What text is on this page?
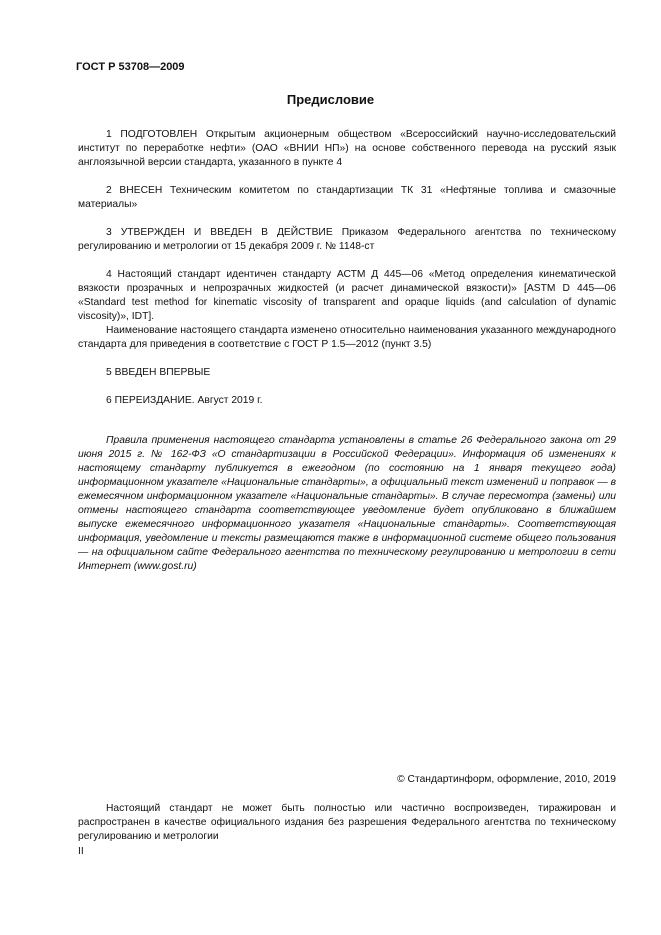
ГОСТ Р 53708—2009
Предисловие

1 ПОДГОТОВЛЕН Открытым акционерным обществом «Всероссийский научно-исследовательский институт по переработке нефти» (ОАО «ВНИИ НП») на основе собственного перевода на русский язык англоязычной версии стандарта, указанного в пункте 4

2 ВНЕСЕН Техническим комитетом по стандартизации ТК 31 «Нефтяные топлива и смазочные материалы»

3 УТВЕРЖДЕН И ВВЕДЕН В ДЕЙСТВИЕ Приказом Федерального агентства по техническому регулированию и метрологии от 15 декабря 2009 г. № 1148-ст

4 Настоящий стандарт идентичен стандарту АСТМ Д 445—06 «Метод определения кинематической вязкости прозрачных и непрозрачных жидкостей (и расчет динамической вязкости)» [ASTM D 445—06 «Standard test method for kinematic viscosity of transparent and opaque liquids (and calculation of dynamic viscosity)», IDT].

Наименование настоящего стандарта изменено относительно наименования указанного международного стандарта для приведения в соответствие с ГОСТ Р 1.5—2012 (пункт 3.5)

5 ВВЕДЕН ВПЕРВЫЕ

6 ПЕРЕИЗДАНИЕ. Август 2019 г.

Правила применения настоящего стандарта установлены в статье 26 Федерального закона от 29 июня 2015 г. № 162-ФЗ «О стандартизации в Российской Федерации». Информация об изменениях к настоящему стандарту публикуется в ежегодном (по состоянию на 1 января текущего года) информационном указателе «Национальные стандарты», а официальный текст изменений и поправок — в ежемесячном информационном указателе «Национальные стандарты». В случае пересмотра (замены) или отмены настоящего стандарта соответствующее уведомление будет опубликовано в ближайшем выпуске ежемесячного информационного указателя «Национальные стандарты». Соответствующая информация, уведомление и тексты размещаются также в информационной системе общего пользования — на официальном сайте Федерального агентства по техническому регулированию и метрологии в сети Интернет (www.gost.ru)

© Стандартинформ, оформление, 2010, 2019

Настоящий стандарт не может быть полностью или частично воспроизведен, тиражирован и распространен в качестве официального издания без разрешения Федерального агентства по техническому регулированию и метрологии

II
